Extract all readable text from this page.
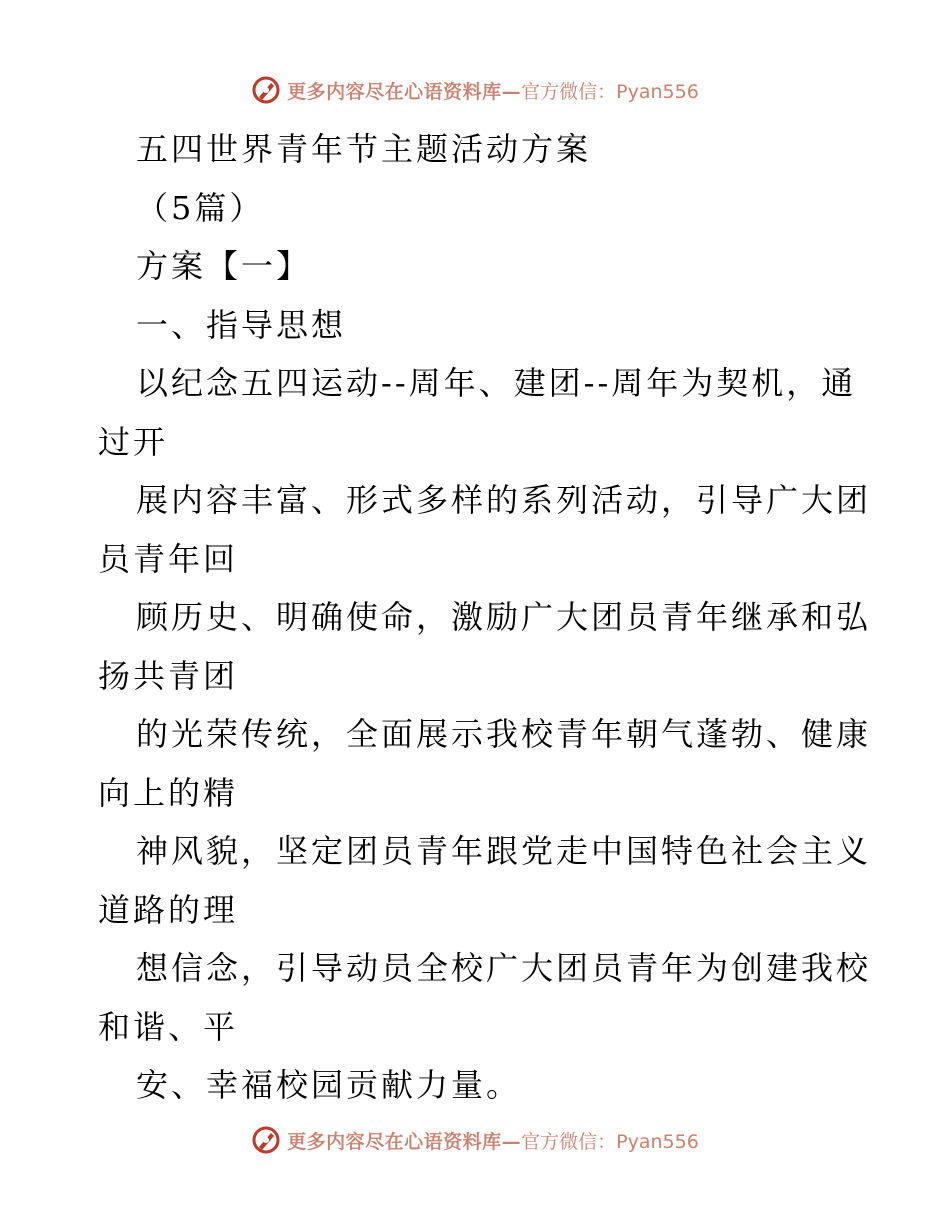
更多内容尽在心语资料库— 官方微信：Pyan556
五四世界青年节主题活动方案
（5篇）
方案【一】
一、指导思想
以纪念五四运动--周年、建团--周年为契机，通
过开
展内容丰富、形式多样的系列活动，引导广大团
员青年回
顾历史、明确使命，激励广大团员青年继承和弘
扬共青团
的光荣传统，全面展示我校青年朝气蓬勃、健康
向上的精
神风貌，坚定团员青年跟党走中国特色社会主义
道路的理
想信念，引导动员全校广大团员青年为创建我校
和谐、平
安、幸福校园贡献力量。
更多内容尽在心语资料库— 官方微信：Pyan556
